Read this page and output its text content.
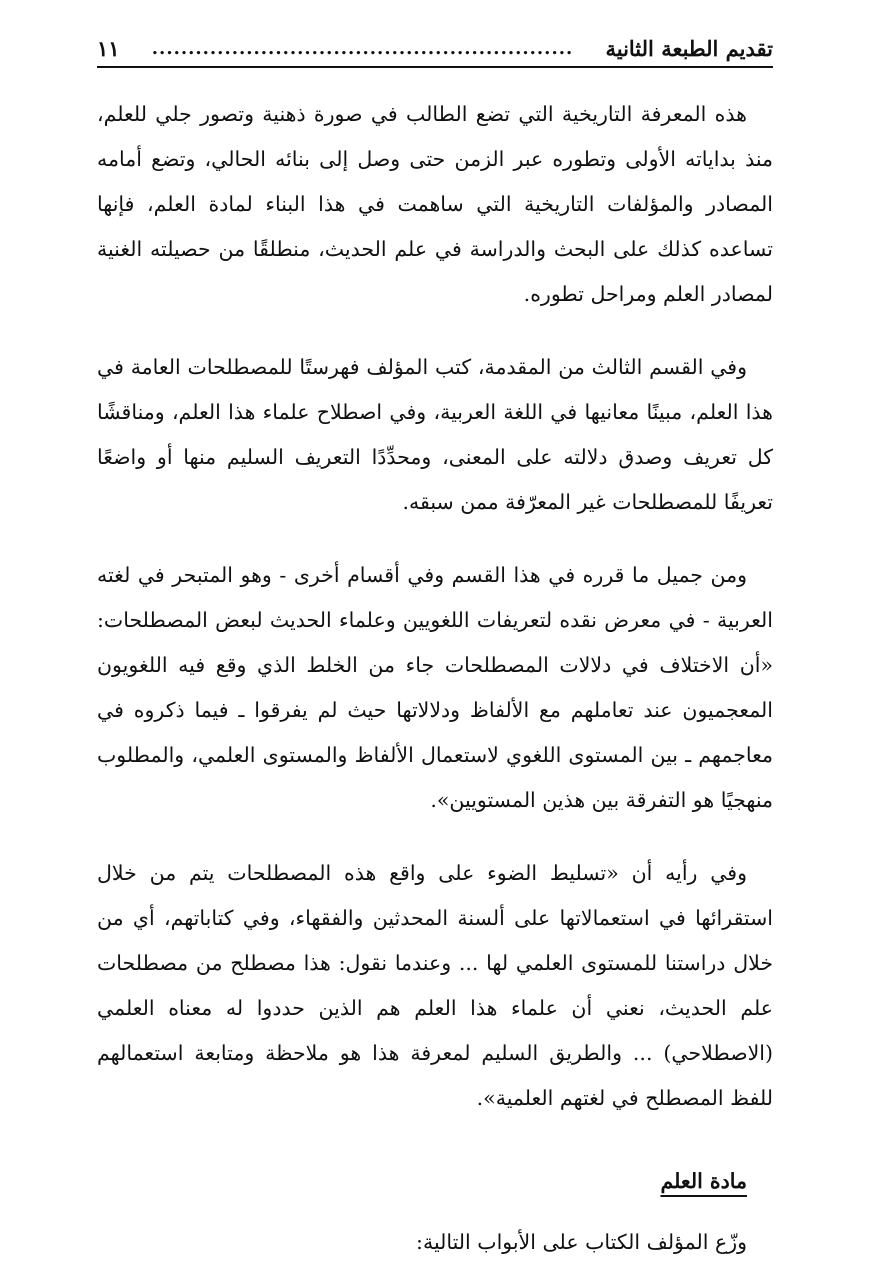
تقديم الطبعة الثانية
..........................................................
١١

هذه المعرفة التاريخية التي تضع الطالب في صورة ذهنية وتصور جلي للعلم، منذ بداياته الأولى وتطوره عبر الزمن حتى وصل إلى بنائه الحالي، وتضع أمامه المصادر والمؤلفات التاريخية التي ساهمت في هذا البناء لمادة العلم، فإنها تساعده كذلك على البحث والدراسة في علم الحديث، منطلقًا من حصيلته الغنية لمصادر العلم ومراحل تطوره.

وفي القسم الثالث من المقدمة، كتب المؤلف فهرستًا للمصطلحات العامة في هذا العلم، مبينًا معانيها في اللغة العربية، وفي اصطلاح علماء هذا العلم، ومناقشًا كل تعريف وصدق دلالته على المعنى، ومحدِّدًا التعريف السليم منها أو واضعًا تعريفًا للمصطلحات غير المعرّفة ممن سبقه.

ومن جميل ما قرره في هذا القسم وفي أقسام أخرى - وهو المتبحر في لغته العربية - في معرض نقده لتعريفات اللغويين وعلماء الحديث لبعض المصطلحات: «أن الاختلاف في دلالات المصطلحات جاء من الخلط الذي وقع فيه اللغويون المعجميون عند تعاملهم مع الألفاظ ودلالاتها حيث لم يفرقوا ـ فيما ذكروه في معاجمهم ـ بين المستوى اللغوي لاستعمال الألفاظ والمستوى العلمي، والمطلوب منهجيًا هو التفرقة بين هذين المستويين».

وفي رأيه أن «تسليط الضوء على واقع هذه المصطلحات يتم من خلال استقرائها في استعمالاتها على ألسنة المحدثين والفقهاء، وفي كتاباتهم، أي من خلال دراستنا للمستوى العلمي لها ... وعندما نقول: هذا مصطلح من مصطلحات علم الحديث، نعني أن علماء هذا العلم هم الذين حددوا له معناه العلمي (الاصطلاحي) ... والطريق السليم لمعرفة هذا هو ملاحظة ومتابعة استعمالهم للفظ المصطلح في لغتهم العلمية».

مادة العلم

وزّع المؤلف الكتاب على الأبواب التالية:
